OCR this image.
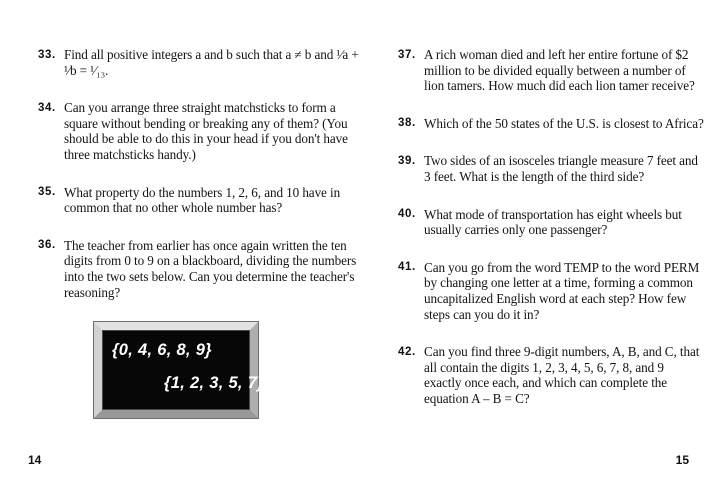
33. Find all positive integers a and b such that a ≠ b and ¹⁄a + ¹⁄b = ¹⁄₁₃.
34. Can you arrange three straight matchsticks to form a square without bending or breaking any of them? (You should be able to do this in your head if you don't have three matchsticks handy.)
35. What property do the numbers 1, 2, 6, and 10 have in common that no other whole number has?
36. The teacher from earlier has once again written the ten digits from 0 to 9 on a blackboard, dividing the numbers into the two sets below. Can you determine the teacher's reasoning?
{0, 4, 6, 8, 9}
{1, 2, 3, 5, 7}
37. A rich woman died and left her entire fortune of $2 million to be divided equally between a number of lion tamers. How much did each lion tamer receive?
38. Which of the 50 states of the U.S. is closest to Africa?
39. Two sides of an isosceles triangle measure 7 feet and 3 feet. What is the length of the third side?
40. What mode of transportation has eight wheels but usually carries only one passenger?
41. Can you go from the word TEMP to the word PERM by changing one letter at a time, forming a common uncapitalized English word at each step? How few steps can you do it in?
42. Can you find three 9-digit numbers, A, B, and C, that all contain the digits 1, 2, 3, 4, 5, 6, 7, 8, and 9 exactly once each, and which can complete the equation A – B = C?
14	15
